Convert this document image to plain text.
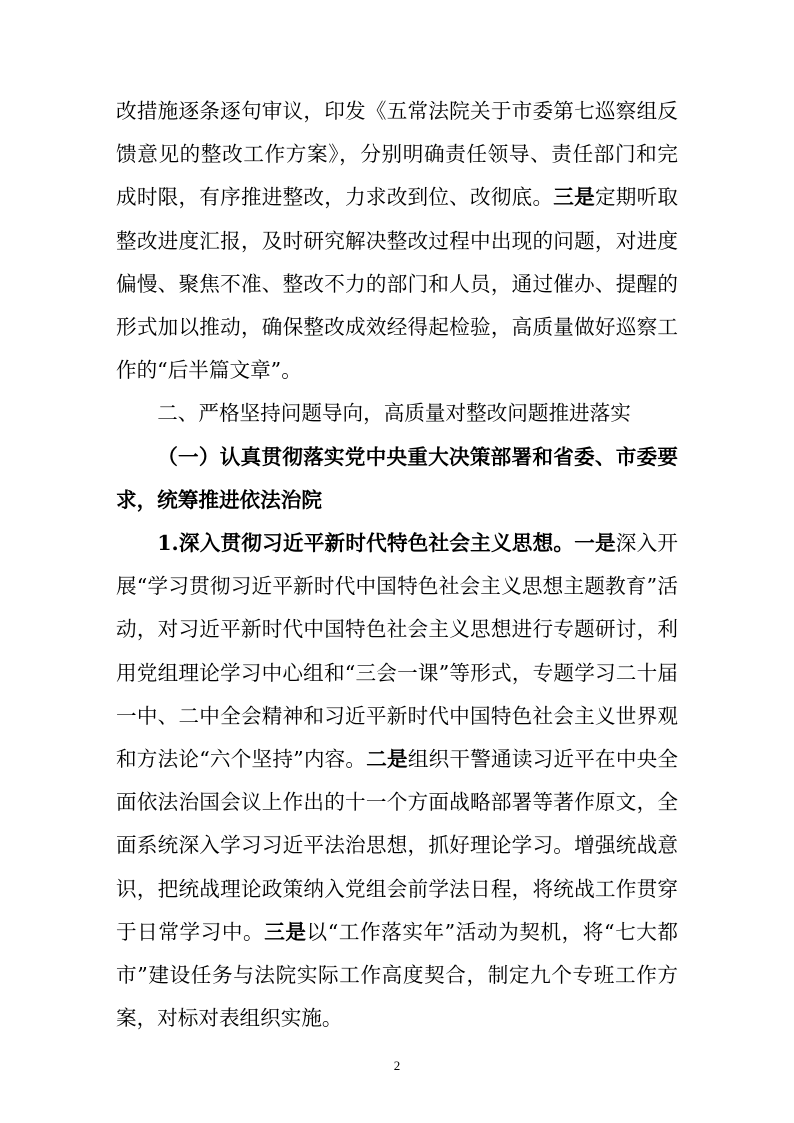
改措施逐条逐句审议，印发《五常法院关于市委第七巡察组反馈意见的整改工作方案》，分别明确责任领导、责任部门和完成时限，有序推进整改，力求改到位、改彻底。三是定期听取整改进度汇报，及时研究解决整改过程中出现的问题，对进度偏慢、聚焦不准、整改不力的部门和人员，通过催办、提醒的形式加以推动，确保整改成效经得起检验，高质量做好巡察工作的“后半篇文章”。

二、严格坚持问题导向，高质量对整改问题推进落实

（一）认真贯彻落实党中央重大决策部署和省委、市委要求，统筹推进依法治院

1.深入贯彻习近平新时代特色社会主义思想。一是深入开展“学习贯彻习近平新时代中国特色社会主义思想主题教育”活动，对习近平新时代中国特色社会主义思想进行专题研讨，利用党组理论学习中心组和“三会一课”等形式，专题学习二十届一中、二中全会精神和习近平新时代中国特色社会主义世界观和方法论“六个坚持”内容。二是组织干警通读习近平在中央全面依法治国会议上作出的十一个方面战略部署等著作原文，全面系统深入学习习近平法治思想，抓好理论学习。增强统战意识，把统战理论政策纳入党组会前学法日程，将统战工作贯穿于日常学习中。三是以“工作落实年”活动为契机，将“七大都市”建设任务与法院实际工作高度契合，制定九个专班工作方案，对标对表组织实施。

2
